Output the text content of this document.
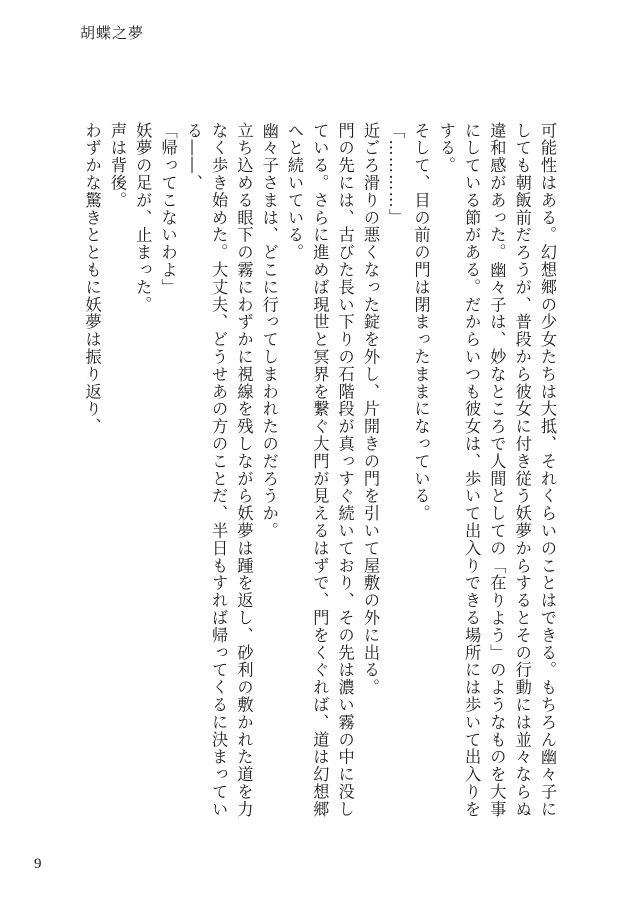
胡蝶之夢

可能性はある。幻想郷の少女たちは大抵、それくらいのことはできる。もちろん幽々子にしても朝飯前だろうが、普段から彼女に付き従う妖夢からするとその行動には並々ならぬ違和感があった。幽々子は、妙なところで人間としての「在りよう」のようなものを大事にしている節がある。だからいつも彼女は、歩いて出入りできる場所には歩いて出入りをする。

そして、目の前の門は閉まったままになっている。

「…………」

近ごろ滑りの悪くなった錠を外し、片開きの門を引いて屋敷の外に出る。

門の先には、古びた長い下りの石階段が真っすぐ続いており、その先は濃い霧の中に没している。さらに進めば現世と冥界を繋ぐ大門が見えるはずで、門をくぐれば、道は幻想郷へと続いている。

幽々子さまは、どこに行ってしまわれたのだろうか。

立ち込める眼下の霧にわずかに視線を残しながら妖夢は踵を返し、砂利の敷かれた道を力なく歩き始めた。大丈夫、どうせあの方のことだ、半日もすれば帰ってくるに決まっている――、

「帰ってこないわよ」

妖夢の足が、止まった。

声は背後。

わずかな驚きとともに妖夢は振り返り、

9
